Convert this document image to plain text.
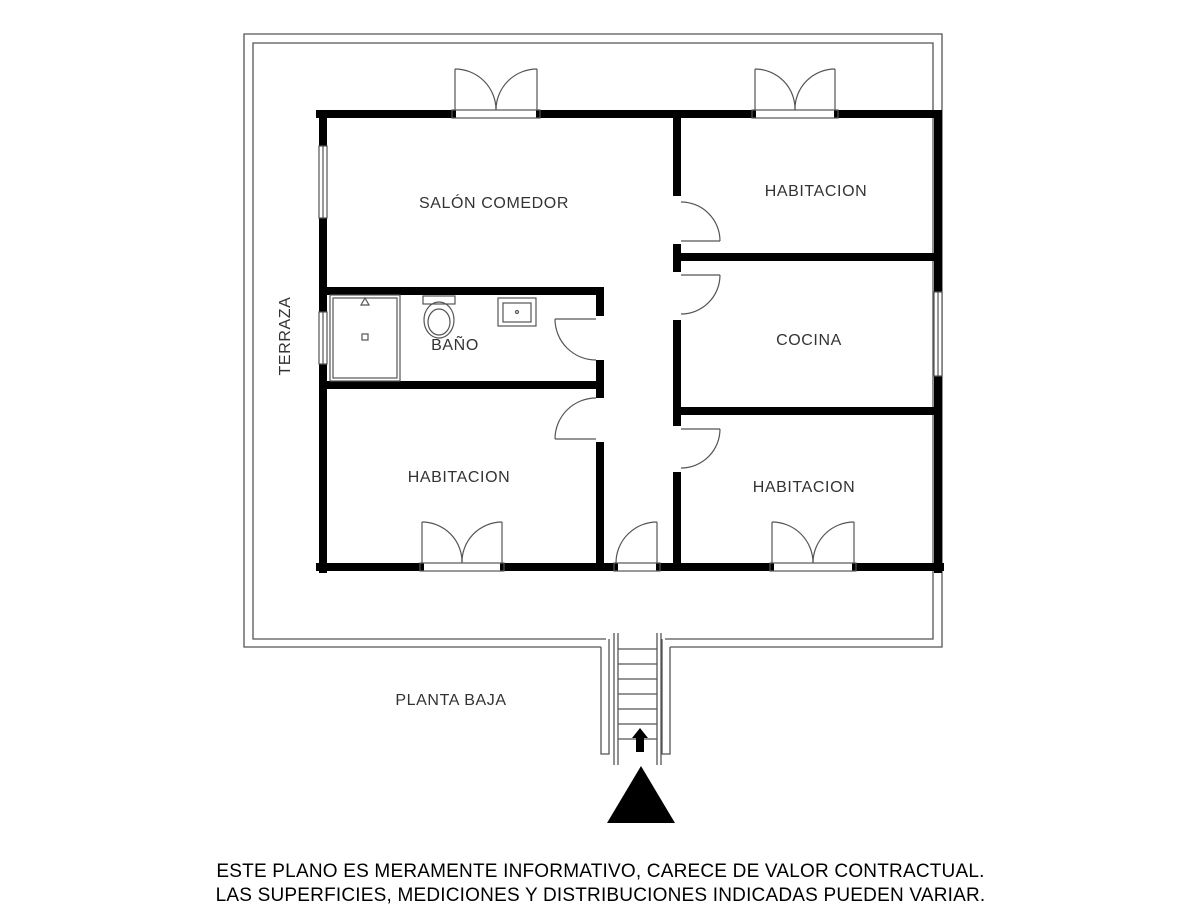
SALÓN COMEDOR
HABITACION
COCINA
BAÑO
HABITACION
HABITACION
TERRAZA
PLANTA BAJA
ESTE PLANO ES MERAMENTE INFORMATIVO, CARECE DE VALOR CONTRACTUAL.
LAS SUPERFICIES, MEDICIONES Y DISTRIBUCIONES INDICADAS PUEDEN VARIAR.
